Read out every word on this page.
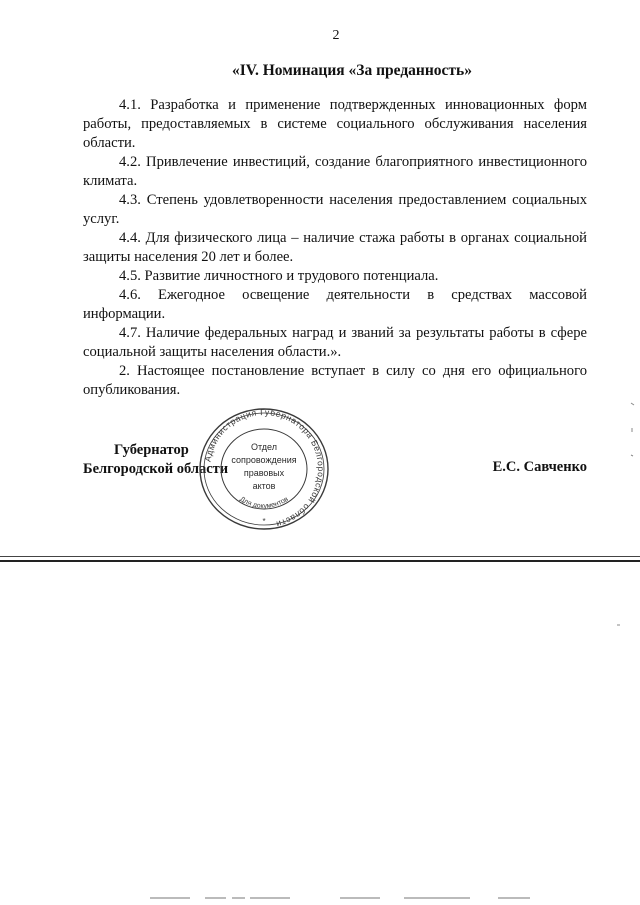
2
«IV. Номинация «За преданность»

4.1. Разработка и применение подтвержденных инновационных форм работы, предоставляемых в системе социального обслуживания населения области.

4.2. Привлечение инвестиций, создание благоприятного инвестиционного климата.

4.3. Степень удовлетворенности населения предоставлением социальных услуг.

4.4. Для физического лица – наличие стажа работы в органах социальной защиты населения 20 лет и более.

4.5. Развитие личностного и трудового потенциала.

4.6. Ежегодное освещение деятельности в средствах массовой информации.

4.7. Наличие федеральных наград и званий за результаты работы в сфере социальной защиты населения области.».

2. Настоящее постановление вступает в силу со дня его официального опубликования.

Губернатор
Белгородской области	Е.С. Савченко
Администрация Губернатора Белгородской области
Отдел
сопровождения
правовых
актов
Для документов
*
